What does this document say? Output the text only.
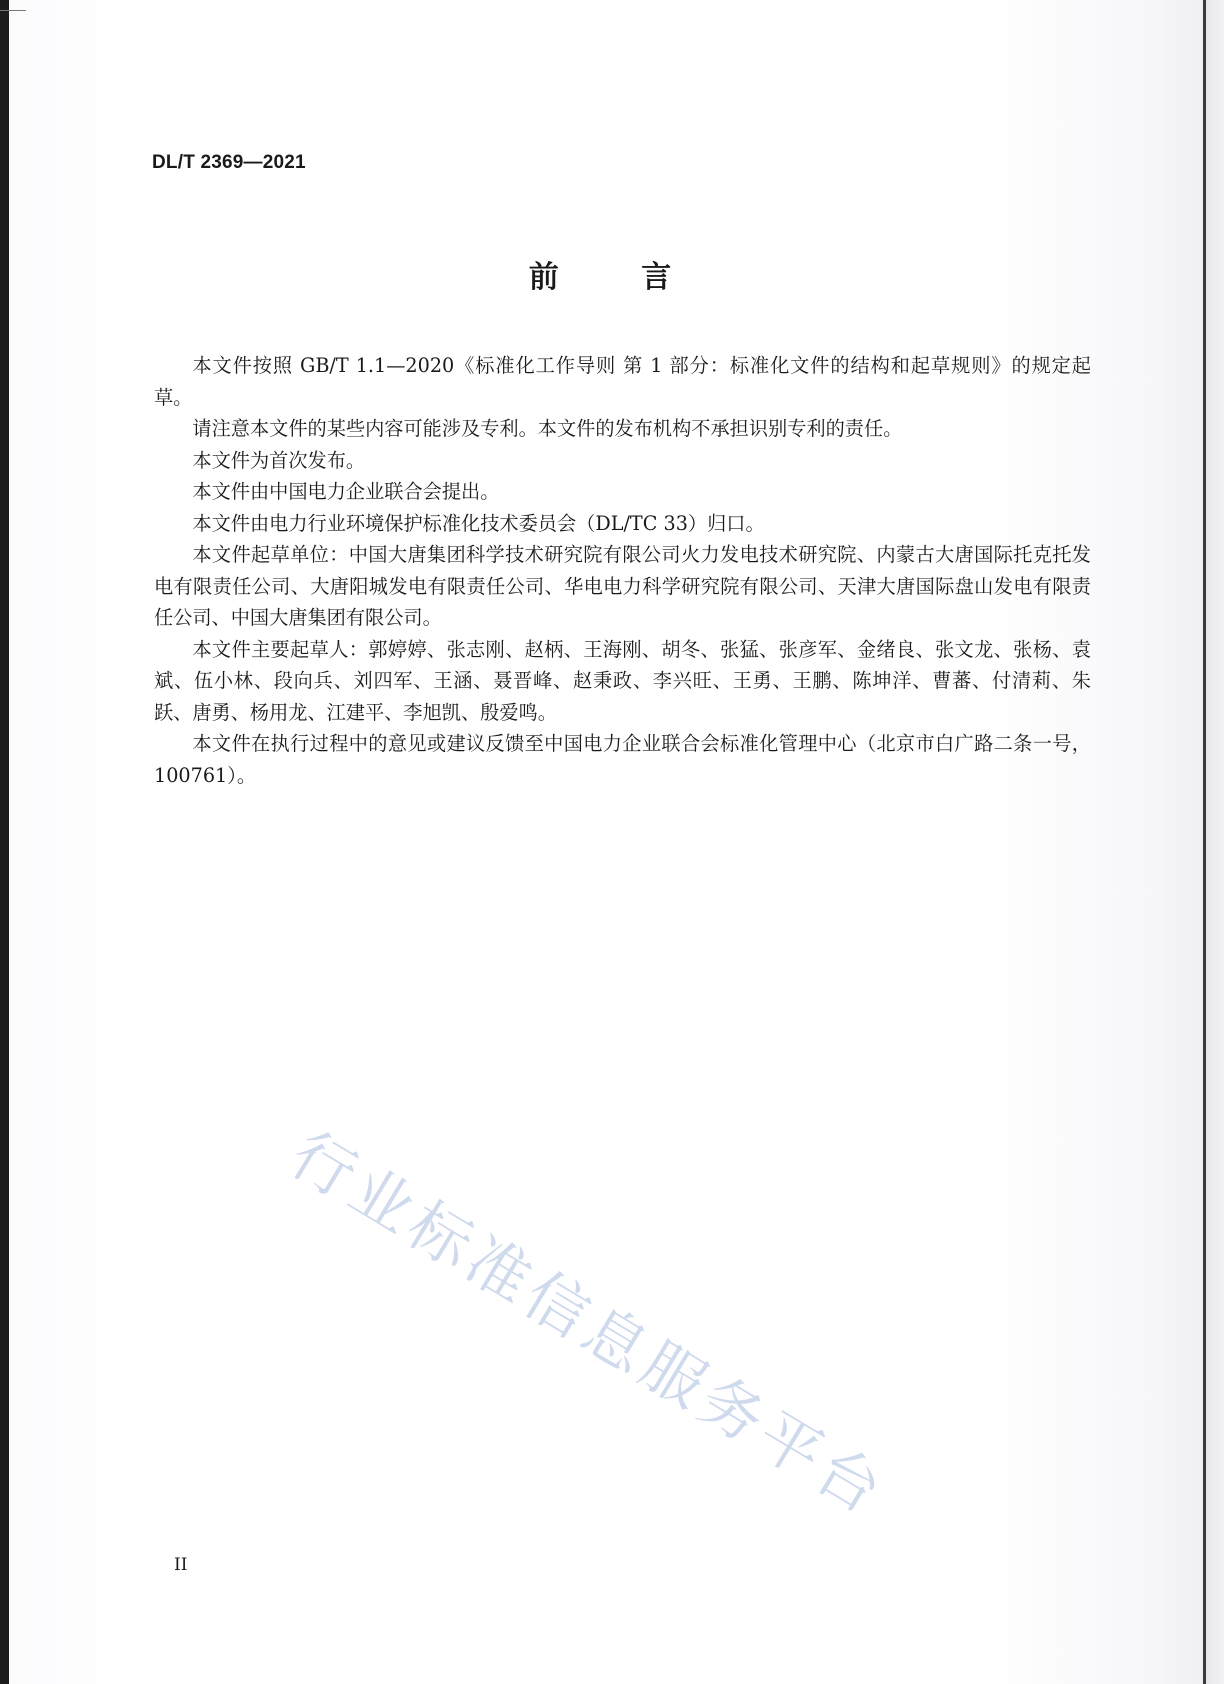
DL/T 2369—2021
前 言

本文件按照 GB/T 1.1—2020《标准化工作导则 第 1 部分：标准化文件的结构和起草规则》的规定起草。

请注意本文件的某些内容可能涉及专利。本文件的发布机构不承担识别专利的责任。

本文件为首次发布。

本文件由中国电力企业联合会提出。

本文件由电力行业环境保护标准化技术委员会（DL/TC 33）归口。

本文件起草单位：中国大唐集团科学技术研究院有限公司火力发电技术研究院、内蒙古大唐国际托克托发电有限责任公司、大唐阳城发电有限责任公司、华电电力科学研究院有限公司、天津大唐国际盘山发电有限责任公司、中国大唐集团有限公司。

本文件主要起草人：郭婷婷、张志刚、赵柄、王海刚、胡冬、张猛、张彦军、金绪良、张文龙、张杨、袁斌、伍小林、段向兵、刘四军、王涵、聂晋峰、赵秉政、李兴旺、王勇、王鹏、陈坤洋、曹蕃、付清莉、朱跃、唐勇、杨用龙、江建平、李旭凯、殷爱鸣。

本文件在执行过程中的意见或建议反馈至中国电力企业联合会标准化管理中心（北京市白广路二条一号，100761）。

行业标准信息服务平台
II
